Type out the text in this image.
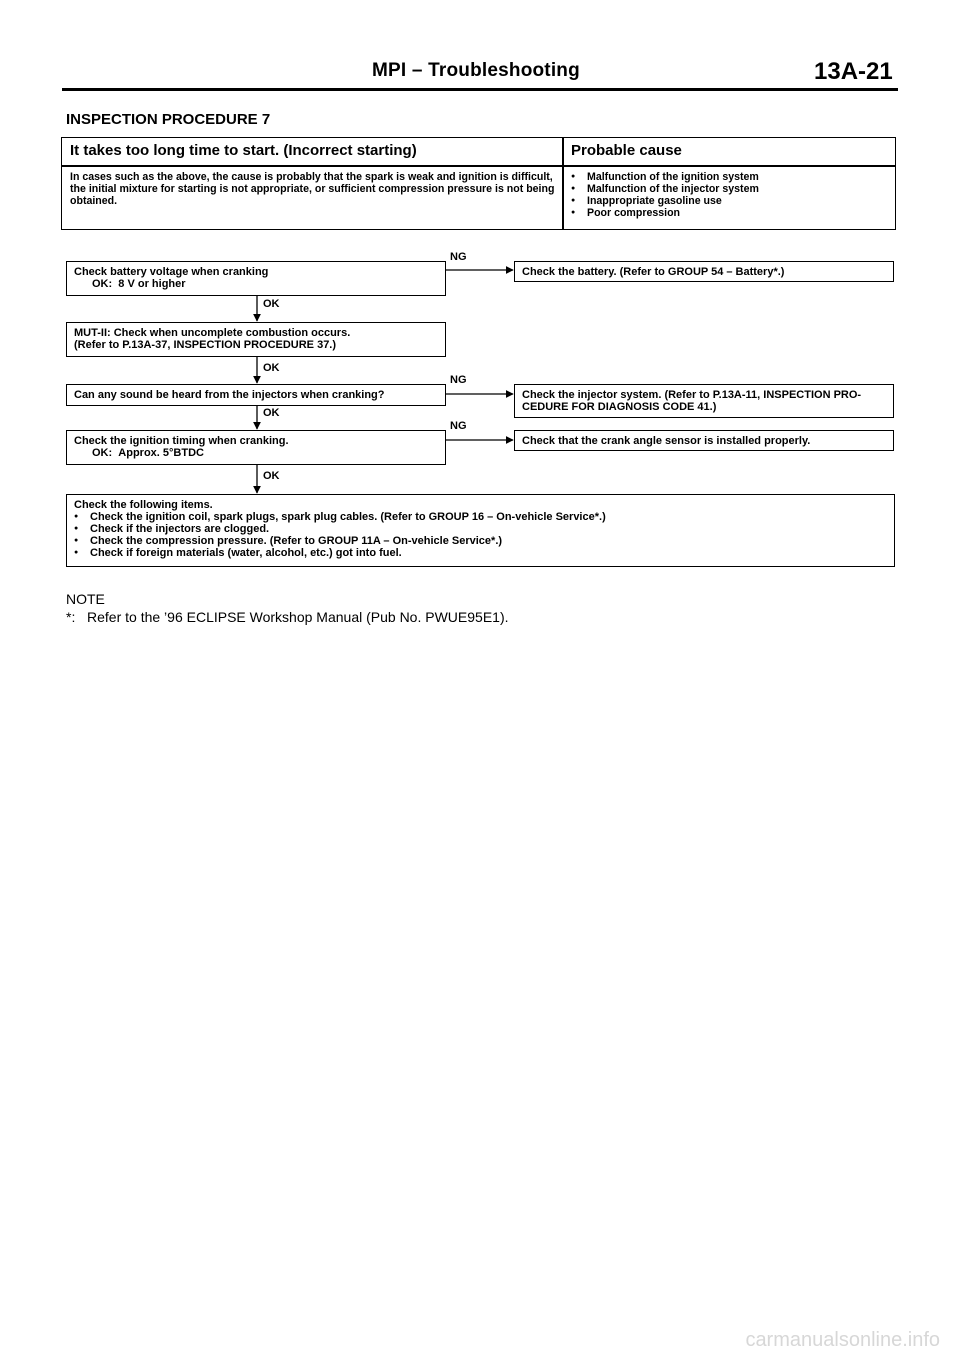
MPI – Troubleshooting	13A-21
INSPECTION PROCEDURE 7
It takes too long time to start. (Incorrect starting)	Probable cause
In cases such as the above, the cause is probably that the spark is weak and ignition is difficult, the initial mixture for starting is not appropriate, or sufficient compression pressure is not being obtained.
● Malfunction of the ignition system
● Malfunction of the injector system
● Inappropriate gasoline use
● Poor compression
Check battery voltage when cranking
OK: 8 V or higher
NG
Check the battery. (Refer to GROUP 54 – Battery*.)
OK
MUT-II: Check when uncomplete combustion occurs.
(Refer to P.13A-37, INSPECTION PROCEDURE 37.)
OK
Can any sound be heard from the injectors when cranking?
NG
Check the injector system. (Refer to P.13A-11, INSPECTION PRO-
CEDURE FOR DIAGNOSIS CODE 41.)
OK
Check the ignition timing when cranking.
OK: Approx. 5°BTDC
NG
Check that the crank angle sensor is installed properly.
OK
Check the following items.
● Check the ignition coil, spark plugs, spark plug cables. (Refer to GROUP 16 – On-vehicle Service*.)
● Check if the injectors are clogged.
● Check the compression pressure. (Refer to GROUP 11A – On-vehicle Service*.)
● Check if foreign materials (water, alcohol, etc.) got into fuel.
NOTE
*:   Refer to the ’96 ECLIPSE Workshop Manual (Pub No. PWUE95E1).
carmanualsonline.info
